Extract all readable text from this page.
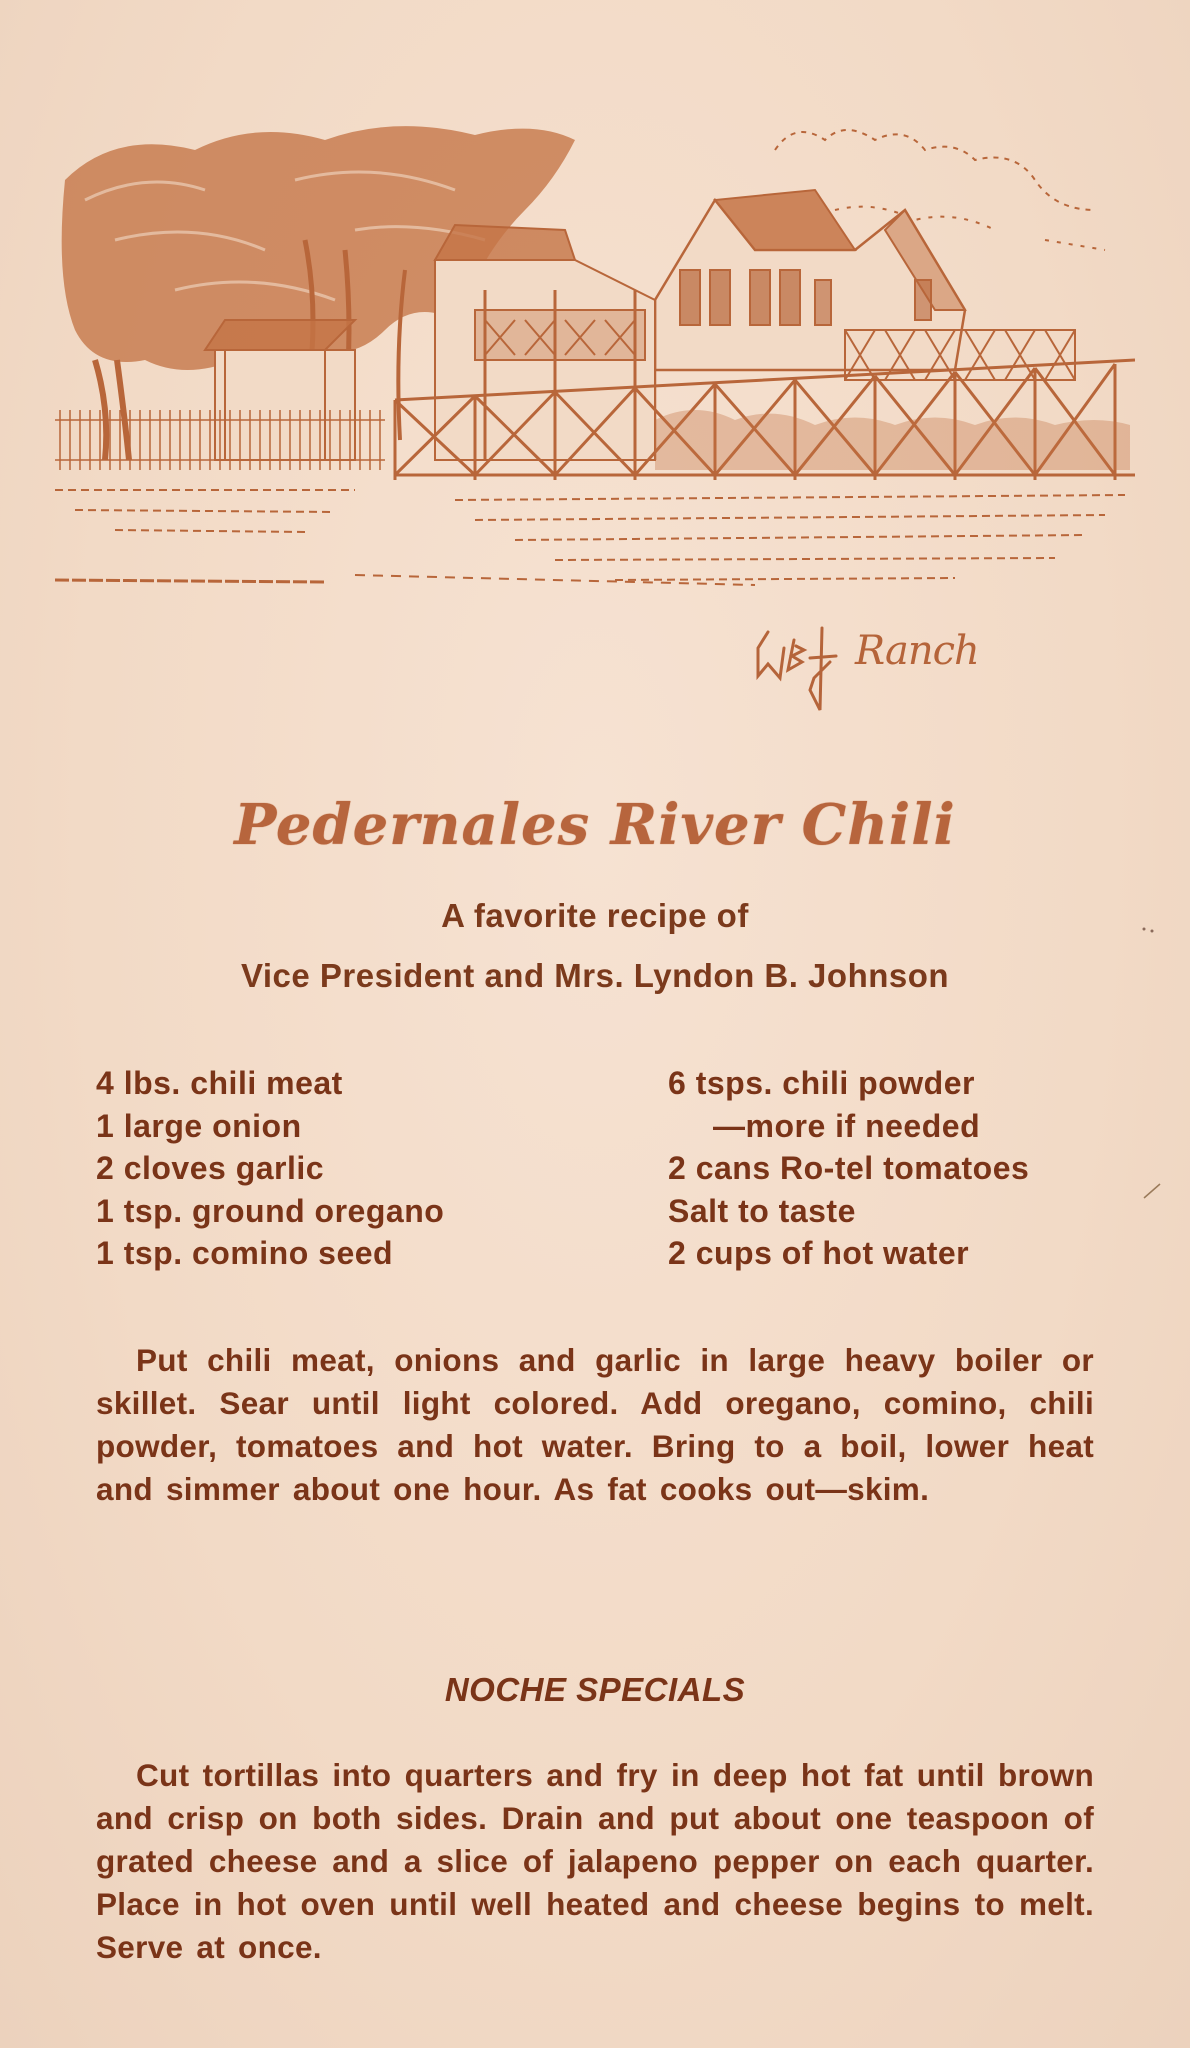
Ranch
Pedernales River Chili
A favorite recipe of
Vice President and Mrs. Lyndon B. Johnson
4 lbs. chili meat
1 large onion
2 cloves garlic
1 tsp. ground oregano
1 tsp. comino seed
6 tsps. chili powder
—more if needed
2 cans Ro-tel tomatoes
Salt to taste
2 cups of hot water

Put chili meat, onions and garlic in large heavy boiler or skillet. Sear until light colored. Add oregano, comino, chili powder, tomatoes and hot water. Bring to a boil, lower heat and simmer about one hour. As fat cooks out—skim.

NOCHE SPECIALS

Cut tortillas into quarters and fry in deep hot fat until brown and crisp on both sides. Drain and put about one teaspoon of grated cheese and a slice of jalapeno pepper on each quarter. Place in hot oven until well heated and cheese begins to melt. Serve at once.
